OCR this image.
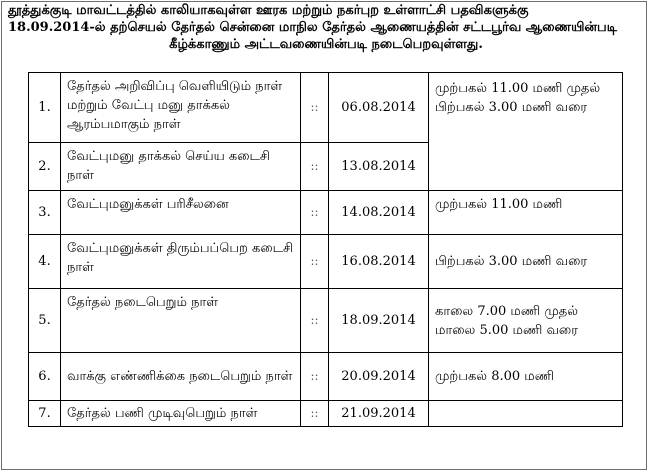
தூத்துக்குடி மாவட்டத்தில் காலியாகவுள்ள ஊரக மற்றும் நகர்புற உள்ளாட்சி பதவிகளுக்கு
18.09.2014-ல் தற்செயல் தேர்தல் சென்னை மாநில தேர்தல் ஆணையத்தின் சட்டபூர்வ ஆணையின்படி
கீழ்க்காணும் அட்டவணையின்படி நடைபெறவுள்ளது.

1.	தேர்தல் அறிவிப்பு வெளியிடும் நாள் மற்றும் வேட்பு மனு தாக்கல் ஆரம்பமாகும் நாள்	::	06.08.2014	முற்பகல் 11.00 மணி முதல் பிற்பகல் 3.00 மணி வரை

2.	வேட்புமனு தாக்கல் செய்ய கடைசி நாள்	::	13.08.2014	
3.	வேட்புமனுக்கள் பரிசீலனை	::	14.08.2014	முற்பகல் 11.00 மணி

4.	வேட்புமனுக்கள் திரும்பப்பெற கடைசி நாள்	::	16.08.2014	பிற்பகல் 3.00 மணி வரை
5.	தேர்தல் நடைபெறும் நாள்	::	18.09.2014	காலை 7.00 மணி முதல் மாலை 5.00 மணி வரை
6.	வாக்கு எண்ணிக்கை நடைபெறும் நாள்	::	20.09.2014	முற்பகல் 8.00 மணி
7.	தேர்தல் பணி முடிவுபெறும் நாள்	::	21.09.2014	
